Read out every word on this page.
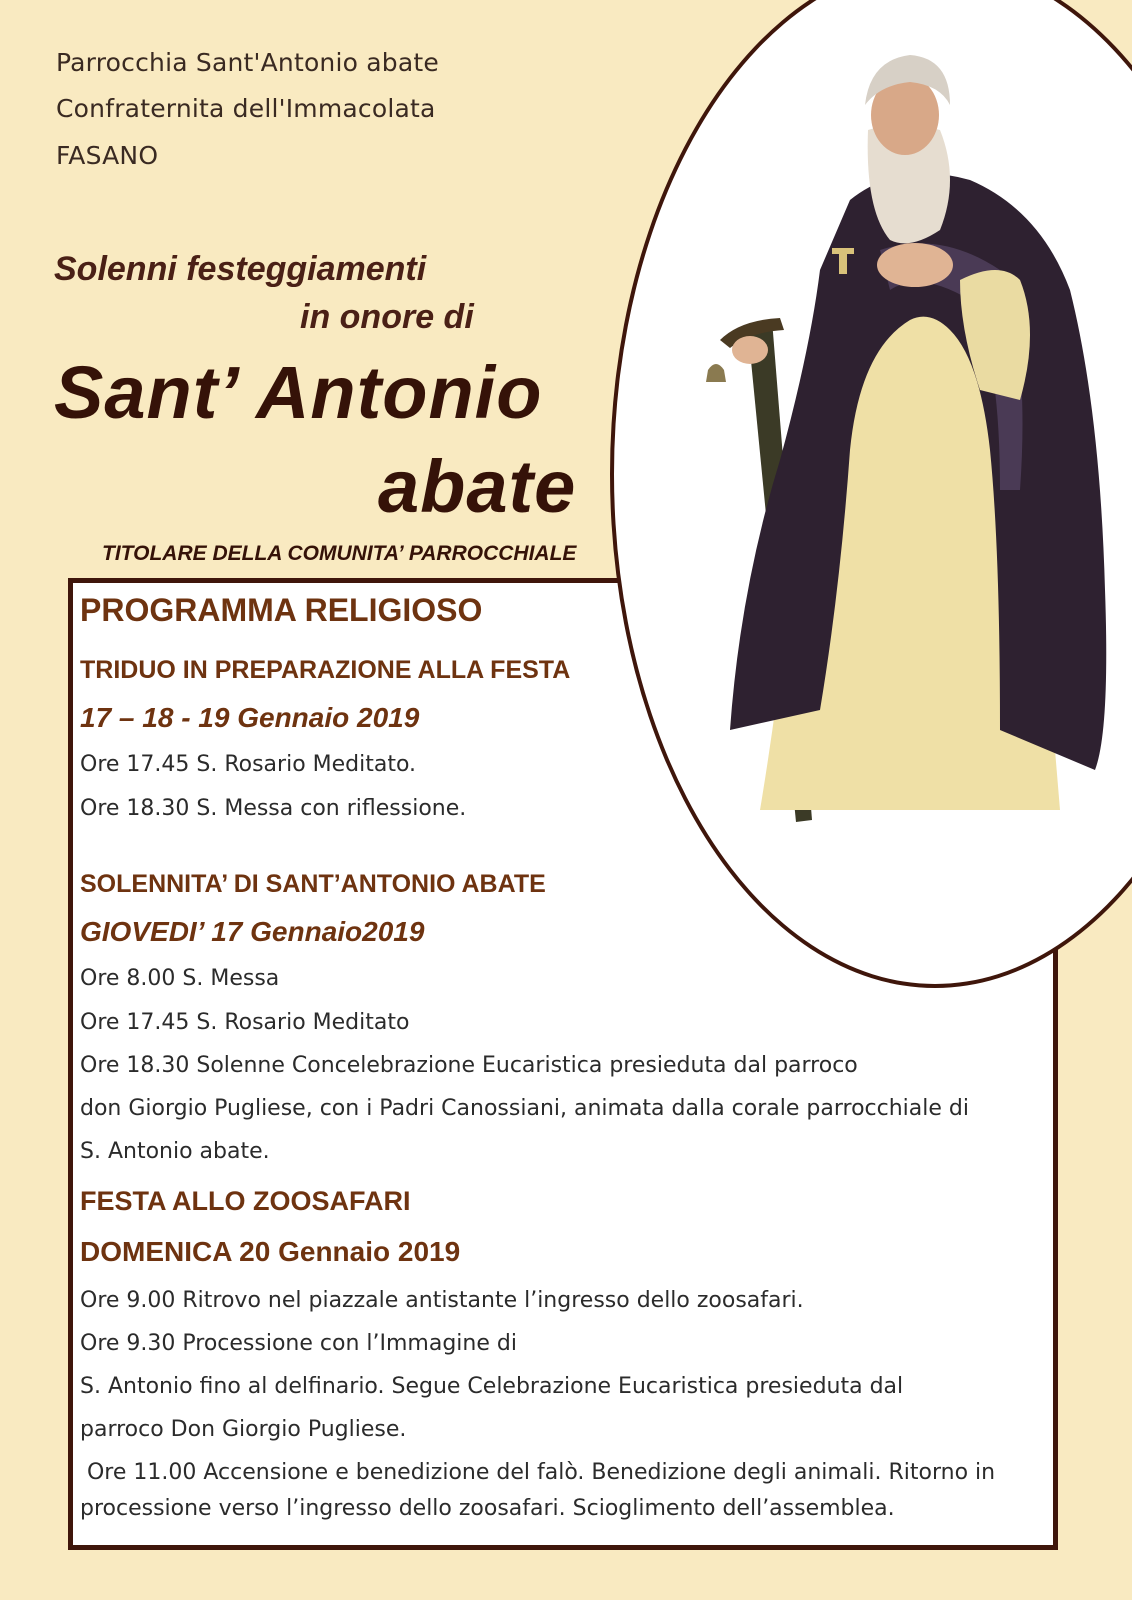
Parrocchia Sant'Antonio abate
Confraternita dell'Immacolata
FASANO
Solenni festeggiamenti
in onore di
Sant’ Antonio
abate
TITOLARE DELLA COMUNITA’ PARROCCHIALE
PROGRAMMA RELIGIOSO
TRIDUO IN PREPARAZIONE ALLA FESTA
17 – 18 - 19 Gennaio 2019
Ore 17.45 S. Rosario Meditato.
Ore 18.30 S. Messa con riflessione.
SOLENNITA’ DI SANT’ANTONIO ABATE
GIOVEDI’ 17 Gennaio2019
Ore 8.00 S. Messa
Ore 17.45 S. Rosario Meditato
Ore 18.30 Solenne Concelebrazione Eucaristica presieduta dal parroco
don Giorgio Pugliese, con i Padri Canossiani, animata dalla corale parrocchiale di
S. Antonio abate.
FESTA ALLO ZOOSAFARI
DOMENICA 20 Gennaio 2019
Ore 9.00 Ritrovo nel piazzale antistante l’ingresso dello zoosafari.
Ore 9.30 Processione con l’Immagine di
S. Antonio fino al delfinario. Segue Celebrazione Eucaristica presieduta dal
parroco Don Giorgio Pugliese.
Ore 11.00 Accensione e benedizione del falò. Benedizione degli animali. Ritorno in
processione verso l’ingresso dello zoosafari. Scioglimento dell’assemblea.
